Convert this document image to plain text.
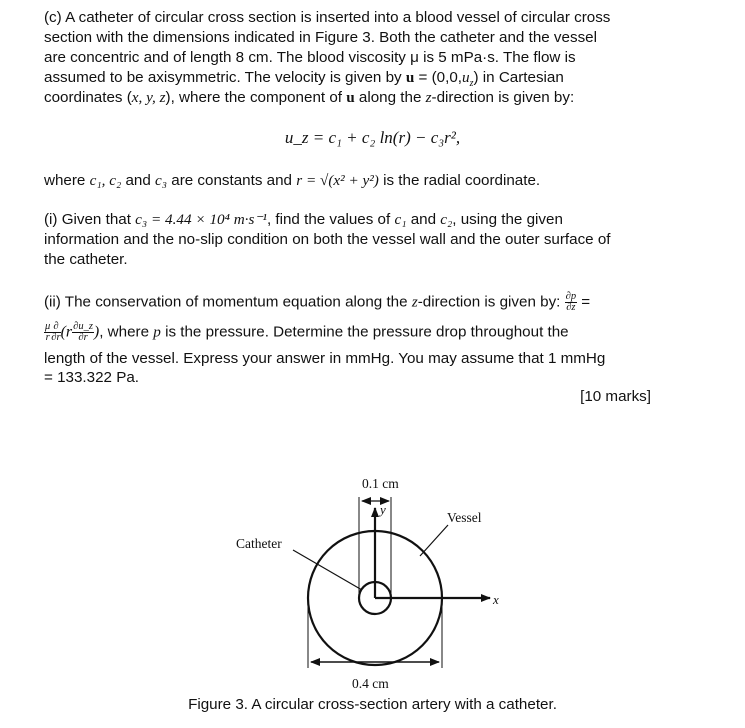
(c) A catheter of circular cross section is inserted into a blood vessel of circular cross
section with the dimensions indicated in Figure 3. Both the catheter and the vessel
are concentric and of length 8 cm. The blood viscosity μ is 5 mPa·s. The flow is
assumed to be axisymmetric. The velocity is given by $u = (0,0,u_z)$ in Cartesian
coordinates (x, y, z), where the component of u along the z-direction is given by:
u_z = c₁ + c₂ ln(r) − c₃r²,
where c₁, c₂ and c₃ are constants and r = √(x² + y²) is the radial coordinate.
(i) Given that c₃ = 4.44 × 10⁴ m·s⁻¹, find the values of c₁ and c₂, using the given
information and the no-slip condition on both the vessel wall and the outer surface of
the catheter.
(ii) The conservation of momentum equation along the z-direction is given by: $\frac{\partial p}{\partial z}$ =
$\frac{\mu}{r} \frac{\partial}{\partial r} (r \frac{\partial u\_z}{\partial r}$ ), where p is the pressure. Determine the pressure drop throughout the
length of the vessel. Express your answer in mmHg. You may assume that 1 mmHg
= 133.322 Pa.
[10 marks]
0.1 cm
y
x
Vessel
Catheter
0.4 cm
Figure 3. A circular cross-section artery with a catheter.
